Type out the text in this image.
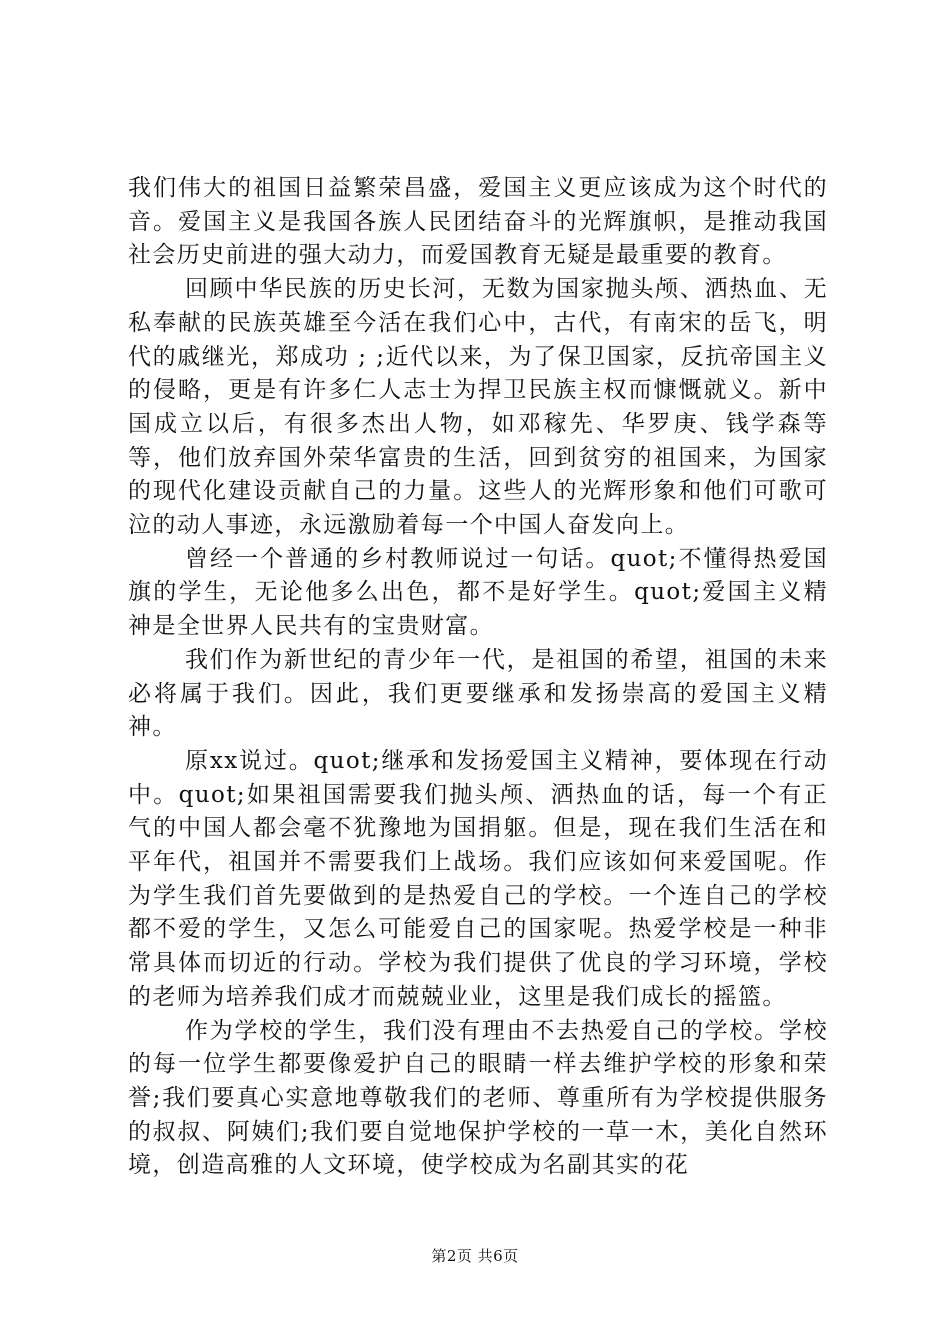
我们伟大的祖国日益繁荣昌盛，爱国主义更应该成为这个时代的音。爱国主义是我国各族人民团结奋斗的光辉旗帜，是推动我国社会历史前进的强大动力，而爱国教育无疑是最重要的教育。

回顾中华民族的历史长河，无数为国家抛头颅、洒热血、无私奉献的民族英雄至今活在我们心中，古代，有南宋的岳飞，明代的戚继光，郑成功 ; ;近代以来，为了保卫国家，反抗帝国主义的侵略，更是有许多仁人志士为捍卫民族主权而慷慨就义。新中国成立以后，有很多杰出人物，如邓稼先、华罗庚、钱学森等等，他们放弃国外荣华富贵的生活，回到贫穷的祖国来，为国家的现代化建设贡献自己的力量。这些人的光辉形象和他们可歌可泣的动人事迹，永远激励着每一个中国人奋发向上。

曾经一个普通的乡村教师说过一句话。quot;不懂得热爱国旗的学生，无论他多么出色，都不是好学生。quot;爱国主义精神是全世界人民共有的宝贵财富。

我们作为新世纪的青少年一代，是祖国的希望，祖国的未来必将属于我们。因此，我们更要继承和发扬崇高的爱国主义精神。

原xx说过。quot;继承和发扬爱国主义精神，要体现在行动中。quot;如果祖国需要我们抛头颅、洒热血的话，每一个有正气的中国人都会毫不犹豫地为国捐躯。但是，现在我们生活在和平年代，祖国并不需要我们上战场。我们应该如何来爱国呢。作为学生我们首先要做到的是热爱自己的学校。一个连自己的学校都不爱的学生，又怎么可能爱自己的国家呢。热爱学校是一种非常具体而切近的行动。学校为我们提供了优良的学习环境，学校的老师为培养我们成才而兢兢业业，这里是我们成长的摇篮。

作为学校的学生，我们没有理由不去热爱自己的学校。学校的每一位学生都要像爱护自己的眼睛一样去维护学校的形象和荣誉;我们要真心实意地尊敬我们的老师、尊重所有为学校提供服务的叔叔、阿姨们;我们要自觉地保护学校的一草一木，美化自然环境，创造高雅的人文环境，使学校成为名副其实的花

第2页 共6页
